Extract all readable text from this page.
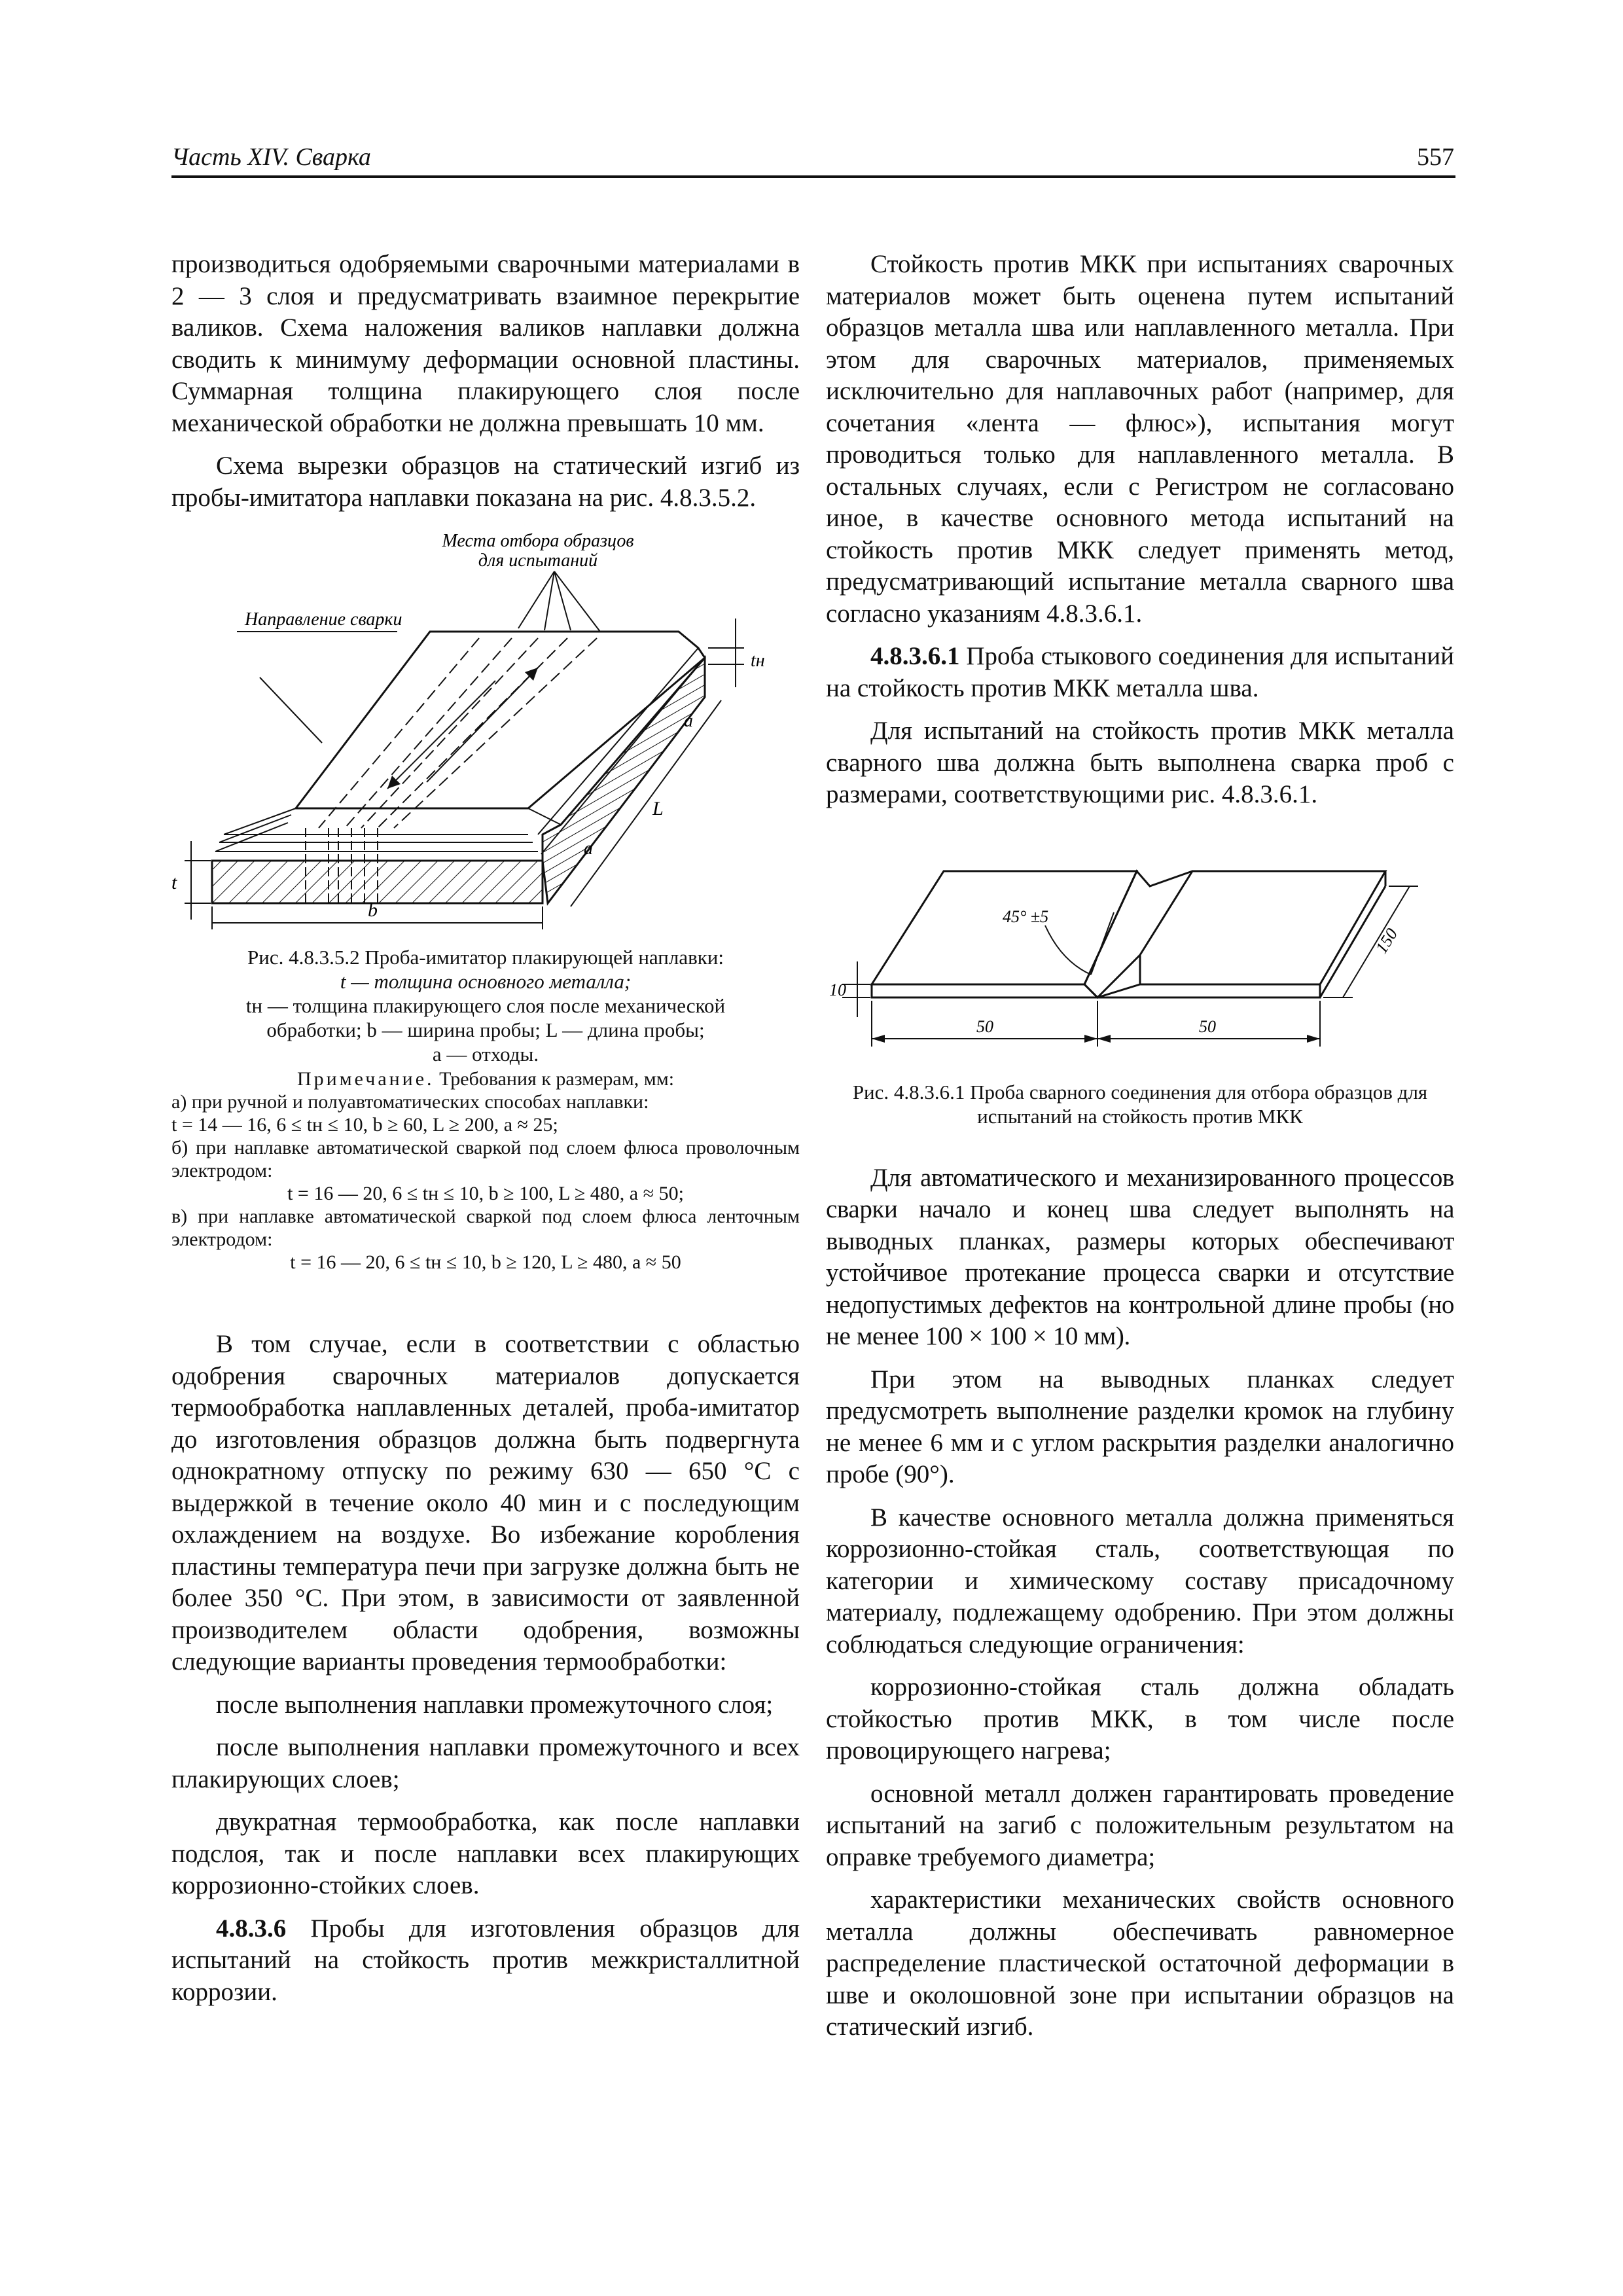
Часть XIV. Сварка	557

производиться одобряемыми сварочными материалами в 2 — 3 слоя и предусматривать взаимное перекрытие валиков. Схема наложения валиков наплавки должна сводить к минимуму деформации основной пластины. Суммарная толщина плакирующего слоя после механической обработки не должна превышать 10 мм.

Схема вырезки образцов на статический изгиб из пробы-имитатора наплавки показана на рис. 4.8.3.5.2.

Места отбора образцов
для испытаний
Направление сварки
t
b
tн
L
a
a

Рис. 4.8.3.5.2 Проба-имитатор плакирующей наплавки:

t — толщина основного металла;

tн — толщина плакирующего слоя после механической

обработки; b — ширина пробы; L — длина пробы;

a — отходы.

Примечание. Требования к размерам, мм:
а) при ручной и полуавтоматических способах наплавки:
t = 14 — 16, 6 ≤ tн ≤ 10, b ≥ 60, L ≥ 200, a ≈ 25;
б) при наплавке автоматической сваркой под слоем флюса проволочным электродом:
t = 16 — 20, 6 ≤ tн ≤ 10, b ≥ 100, L ≥ 480, a ≈ 50;
в) при наплавке автоматической сваркой под слоем флюса ленточным электродом:
t = 16 — 20, 6 ≤ tн ≤ 10, b ≥ 120, L ≥ 480, a ≈ 50

В том случае, если в соответствии с областью одобрения сварочных материалов допускается термообработка наплавленных деталей, проба-имитатор до изготовления образцов должна быть подвергнута однократному отпуску по режиму 630 — 650 °С с выдержкой в течение около 40 мин и с последующим охлаждением на воздухе. Во избежание коробления пластины температура печи при загрузке должна быть не более 350 °С. При этом, в зависимости от заявленной производителем области одобрения, возможны следующие варианты проведения термообработки:

после выполнения наплавки промежуточного слоя;

после выполнения наплавки промежуточного и всех плакирующих слоев;

двукратная термообработка, как после наплавки подслоя, так и после наплавки всех плакирующих коррозионно-стойких слоев.

4.8.3.6 Пробы для изготовления образцов для испытаний на стойкость против межкристаллитной коррозии.

Стойкость против МКК при испытаниях сварочных материалов может быть оценена путем испытаний образцов металла шва или наплавленного металла. При этом для сварочных материалов, применяемых исключительно для наплавочных работ (например, для сочетания «лента — флюс»), испытания могут проводиться только для наплавленного металла. В остальных случаях, если с Регистром не согласовано иное, в качестве основного метода испытаний на стойкость против МКК следует применять метод, предусматривающий испытание металла сварного шва согласно указаниям 4.8.3.6.1.

4.8.3.6.1 Проба стыкового соединения для испытаний на стойкость против МКК металла шва.

Для испытаний на стойкость против МКК металла сварного шва должна быть выполнена сварка проб с размерами, соответствующими рис. 4.8.3.6.1.

45° ±5
10
50	50
150

Рис. 4.8.3.6.1 Проба сварного соединения для отбора образцов для

испытаний на стойкость против МКК

Для автоматического и механизированного процессов сварки начало и конец шва следует выполнять на выводных планках, размеры которых обеспечивают устойчивое протекание процесса сварки и отсутствие недопустимых дефектов на контрольной длине пробы (но не менее 100 × 100 × 10 мм).

При этом на выводных планках следует предусмотреть выполнение разделки кромок на глубину не менее 6 мм и с углом раскрытия разделки аналогично пробе (90°).

В качестве основного металла должна применяться коррозионно-стойкая сталь, соответствующая по категории и химическому составу присадочному материалу, подлежащему одобрению. При этом должны соблюдаться следующие ограничения:

коррозионно-стойкая сталь должна обладать стойкостью против МКК, в том числе после провоцирующего нагрева;

основной металл должен гарантировать проведение испытаний на загиб с положительным результатом на оправке требуемого диаметра;

характеристики механических свойств основного металла должны обеспечивать равномерное распределение пластической остаточной деформации в шве и околошовной зоне при испытании образцов на статический изгиб.
